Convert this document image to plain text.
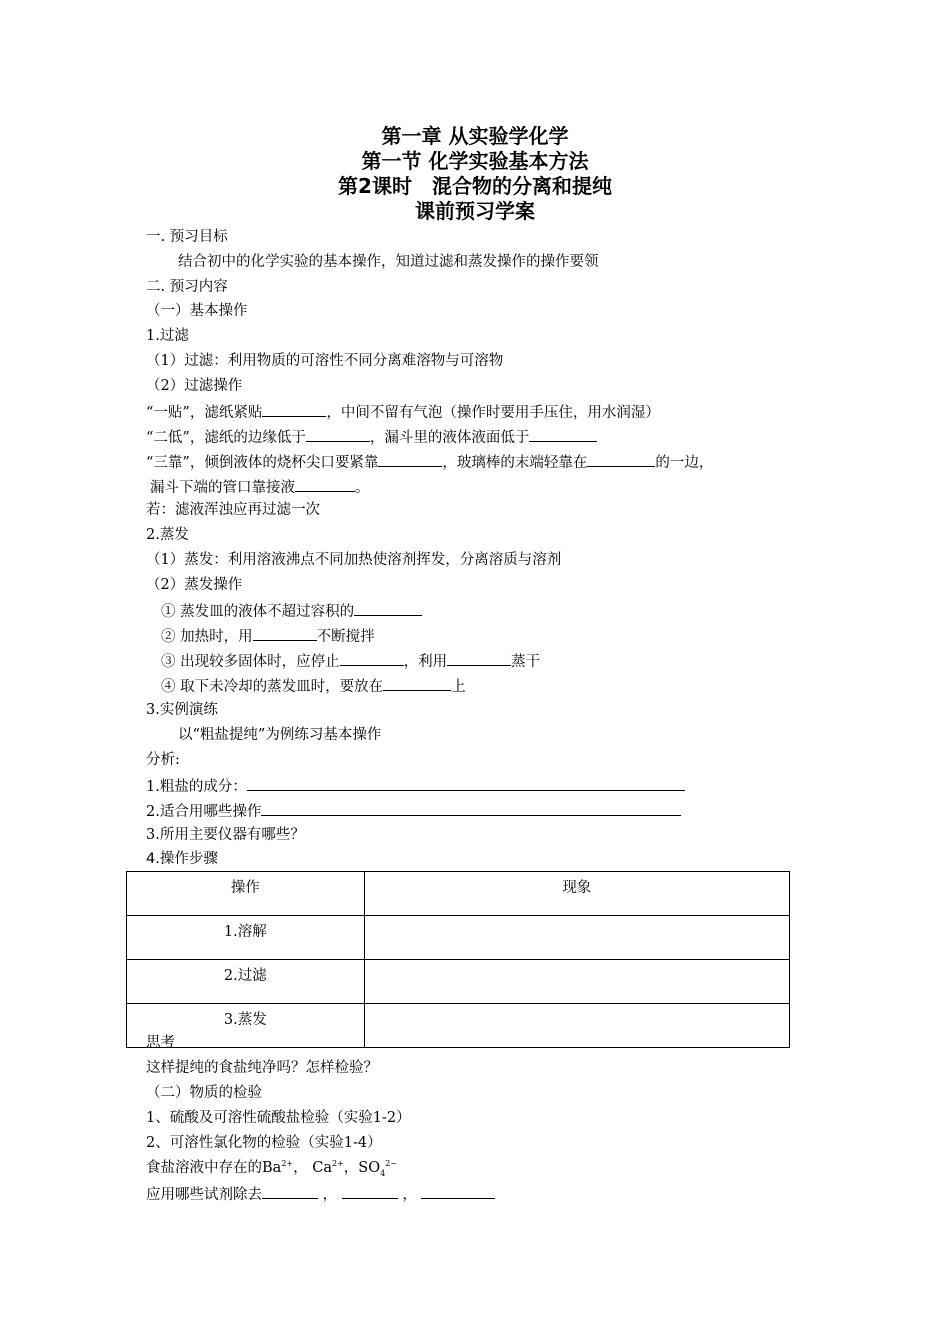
第一章 从实验学化学
第一节 化学实验基本方法
第2课时　混合物的分离和提纯
课前预习学案
一. 预习目标
结合初中的化学实验的基本操作，知道过滤和蒸发操作的操作要领
二. 预习内容
（一）基本操作
1.过滤
（1）过滤：利用物质的可溶性不同分离难溶物与可溶物
（2）过滤操作
“一贴”，滤纸紧贴	，中间不留有气泡（操作时要用手压住，用水润湿）
“二低”，滤纸的边缘低于	，漏斗里的液体液面低于
“三靠”，倾倒液体的烧杯尖口要紧靠	，玻璃棒的末端轻靠在	的一边，
漏斗下端的管口靠接液	。
若：滤液浑浊应再过滤一次
2.蒸发
（1）蒸发：利用溶液沸点不同加热使溶剂挥发，分离溶质与溶剂
（2）蒸发操作
① 蒸发皿的液体不超过容积的
② 加热时，用	不断搅拌
③ 出现较多固体时，应停止	，利用	蒸干
④ 取下未冷却的蒸发皿时，要放在	上
3.实例演练
以“粗盐提纯”为例练习基本操作
分析:
1.粗盐的成分：
2.适合用哪些操作
3.所用主要仪器有哪些？
4.操作步骤
操作	现象
1.溶解	
2.过滤	
3.蒸发	
思考
这样提纯的食盐纯净吗？怎样检验？
（二）物质的检验
1、硫酸及可溶性硫酸盐检验（实验1-2）
2、可溶性氯化物的检验（实验1-4）
食盐溶液中存在的$Ba^{2+}$， $Ca^{2+}$，$SO_4^{2-}$
应用哪些试剂除去	，	，
